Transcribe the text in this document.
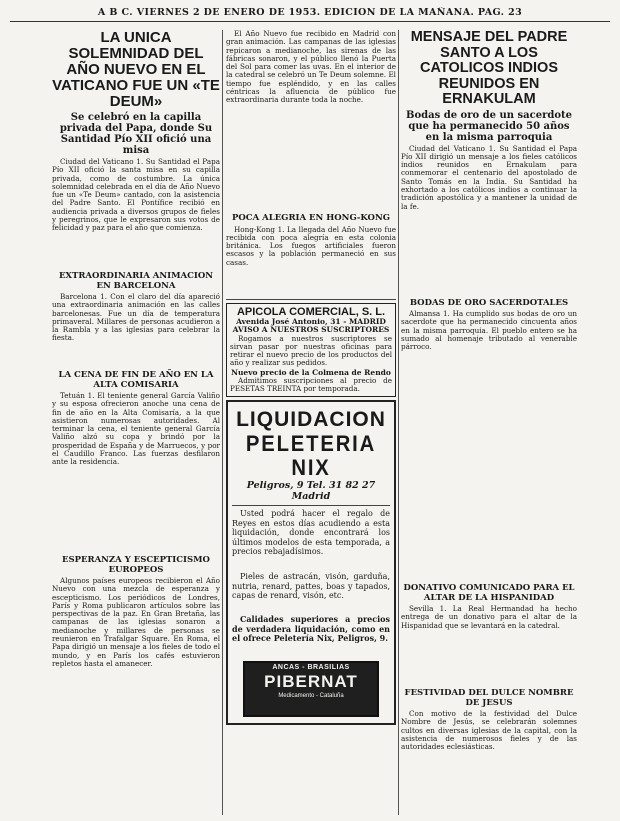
A B C. VIERNES 2 DE ENERO DE 1953. EDICION DE LA MAÑANA. PAG. 23
LA UNICA SOLEMNIDAD DEL AÑO NUEVO EN EL VATICANO FUE UN «TE DEUM»
Se celebró en la capilla privada del Papa, donde Su Santidad Pío XII ofició una misa
Ciudad del Vaticano 1. Su Santidad el Papa Pío XII ofició la santa misa en su capilla privada, como de costumbre. La única solemnidad celebrada en el día de Año Nuevo fue un «Te Deum» cantado, con la asistencia del Padre Santo. El Pontífice recibió en audiencia privada a diversos grupos de fieles y peregrinos, que le expresaron sus votos de felicidad y paz para el año que comienza.
EXTRAORDINARIA ANIMACION EN BARCELONA
Barcelona 1. Con el claro del día apareció una extraordinaria animación en las calles barcelonesas. Fue un día de temperatura primaveral. Millares de personas acudieron a la Rambla y a las iglesias para celebrar la fiesta.
LA CENA DE FIN DE AÑO EN LA ALTA COMISARIA
Tetuán 1. El teniente general García Valiño y su esposa ofrecieron anoche una cena de fin de año en la Alta Comisaría, a la que asistieron numerosas autoridades. Al terminar la cena, el teniente general García Valiño alzó su copa y brindó por la prosperidad de España y de Marruecos, y por el Caudillo Franco. Las fuerzas desfilaron ante la residencia.
ESPERANZA Y ESCEPTICISMO EUROPEOS
Algunos países europeos recibieron el Año Nuevo con una mezcla de esperanza y escepticismo. Los periódicos de Londres, París y Roma publicaron artículos sobre las perspectivas de la paz. En Gran Bretaña, las campanas de las iglesias sonaron a medianoche y millares de personas se reunieron en Trafalgar Square. En Roma, el Papa dirigió un mensaje a los fieles de todo el mundo, y en París los cafés estuvieron repletos hasta el amanecer.
El Año Nuevo fue recibido en Madrid con gran animación. Las campanas de las iglesias repicaron a medianoche, las sirenas de las fábricas sonaron, y el público llenó la Puerta del Sol para comer las uvas. En el interior de la catedral se celebró un Te Deum solemne. El tiempo fue espléndido, y en las calles céntricas la afluencia de público fue extraordinaria durante toda la noche.
POCA ALEGRIA EN HONG-KONG
Hong-Kong 1. La llegada del Año Nuevo fue recibida con poca alegría en esta colonia británica. Los fuegos artificiales fueron escasos y la población permaneció en sus casas.
APICOLA COMERCIAL, S. L.
Avenida José Antonio, 31 - MADRID
AVISO A NUESTROS SUSCRIPTORES
Rogamos a nuestros suscriptores se sirvan pasar por nuestras oficinas para retirar el nuevo precio de los productos del año y realizar sus pedidos.
Nuevo precio de la Colmena de Rendo
Admitimos suscripciones al precio de PESETAS TREINTA por temporada.
LIQUIDACION
PELETERIA NIX
Peligros, 9 Tel. 31 82 27 Madrid
Usted podrá hacer el regalo de Reyes en estos días acudiendo a esta liquidación, donde encontrará los últimos modelos de esta temporada, a precios rebajadísimos.
Pieles de astracán, visón, garduña, nutria, renard, pattes, boas y tapados, capas de renard, visón, etc.
Calidades superiores a precios de verdadera liquidación, como en el ofrece Peletería Nix, Peligros, 9.
ANCAS - BRASILIAS
PIBERNAT
Medicamento - Cataluña
MENSAJE DEL PADRE SANTO A LOS CATOLICOS INDIOS REUNIDOS EN ERNAKULAM
Bodas de oro de un sacerdote que ha permanecido 50 años en la misma parroquia
Ciudad del Vaticano 1. Su Santidad el Papa Pío XII dirigió un mensaje a los fieles católicos indios reunidos en Ernakulam para conmemorar el centenario del apostolado de Santo Tomás en la India. Su Santidad ha exhortado a los católicos indios a continuar la tradición apostólica y a mantener la unidad de la fe.
BODAS DE ORO SACERDOTALES
Almansa 1. Ha cumplido sus bodas de oro un sacerdote que ha permanecido cincuenta años en la misma parroquia. El pueblo entero se ha sumado al homenaje tributado al venerable párroco.
DONATIVO COMUNICADO PARA EL ALTAR DE LA HISPANIDAD
Sevilla 1. La Real Hermandad ha hecho entrega de un donativo para el altar de la Hispanidad que se levantará en la catedral.
FESTIVIDAD DEL DULCE NOMBRE DE JESUS
Con motivo de la festividad del Dulce Nombre de Jesús, se celebrarán solemnes cultos en diversas iglesias de la capital, con la asistencia de numerosos fieles y de las autoridades eclesiásticas.
